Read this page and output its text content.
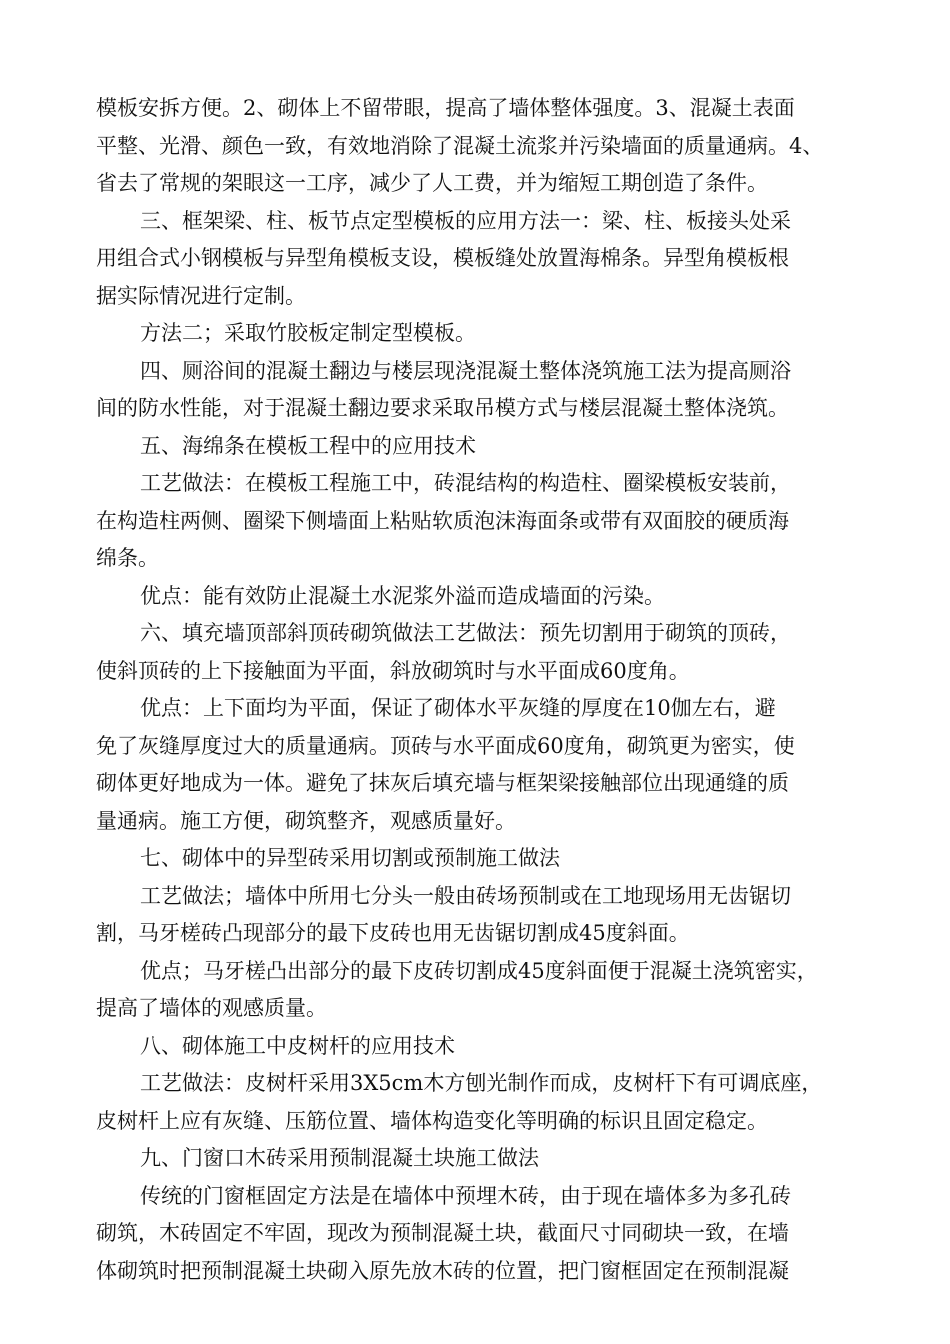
模板安拆方便。2、砌体上不留带眼，提高了墙体整体强度。3、混凝土表面
平整、光滑、颜色一致，有效地消除了混凝土流浆并污染墙面的质量通病。4、
省去了常规的架眼这一工序，减少了人工费，并为缩短工期创造了条件。
三、框架梁、柱、板节点定型模板的应用方法一：梁、柱、板接头处采
用组合式小钢模板与异型角模板支设，模板缝处放置海棉条。异型角模板根
据实际情况进行定制。
方法二；采取竹胶板定制定型模板。
四、厕浴间的混凝土翻边与楼层现浇混凝土整体浇筑施工法为提高厕浴
间的防水性能，对于混凝土翻边要求采取吊模方式与楼层混凝土整体浇筑。
五、海绵条在模板工程中的应用技术
工艺做法：在模板工程施工中，砖混结构的构造柱、圈梁模板安装前，
在构造柱两侧、圈梁下侧墙面上粘贴软质泡沫海面条或带有双面胶的硬质海
绵条。
优点：能有效防止混凝土水泥浆外溢而造成墙面的污染。
六、填充墙顶部斜顶砖砌筑做法工艺做法：预先切割用于砌筑的顶砖，
使斜顶砖的上下接触面为平面，斜放砌筑时与水平面成60度角。
优点：上下面均为平面，保证了砌体水平灰缝的厚度在10伽左右，避
免了灰缝厚度过大的质量通病。顶砖与水平面成60度角，砌筑更为密实，使
砌体更好地成为一体。避免了抹灰后填充墙与框架梁接触部位出现通缝的质
量通病。施工方便，砌筑整齐，观感质量好。
七、砌体中的异型砖采用切割或预制施工做法
工艺做法；墙体中所用七分头一般由砖场预制或在工地现场用无齿锯切
割，马牙槎砖凸现部分的最下皮砖也用无齿锯切割成45度斜面。
优点；马牙槎凸出部分的最下皮砖切割成45度斜面便于混凝土浇筑密实，
提高了墙体的观感质量。
八、砌体施工中皮树杆的应用技术
工艺做法：皮树杆采用3X5cm木方刨光制作而成，皮树杆下有可调底座，
皮树杆上应有灰缝、压筋位置、墙体构造变化等明确的标识且固定稳定。
九、门窗口木砖采用预制混凝土块施工做法
传统的门窗框固定方法是在墙体中预埋木砖，由于现在墙体多为多孔砖
砌筑，木砖固定不牢固，现改为预制混凝土块，截面尺寸同砌块一致，在墙
体砌筑时把预制混凝土块砌入原先放木砖的位置，把门窗框固定在预制混凝
